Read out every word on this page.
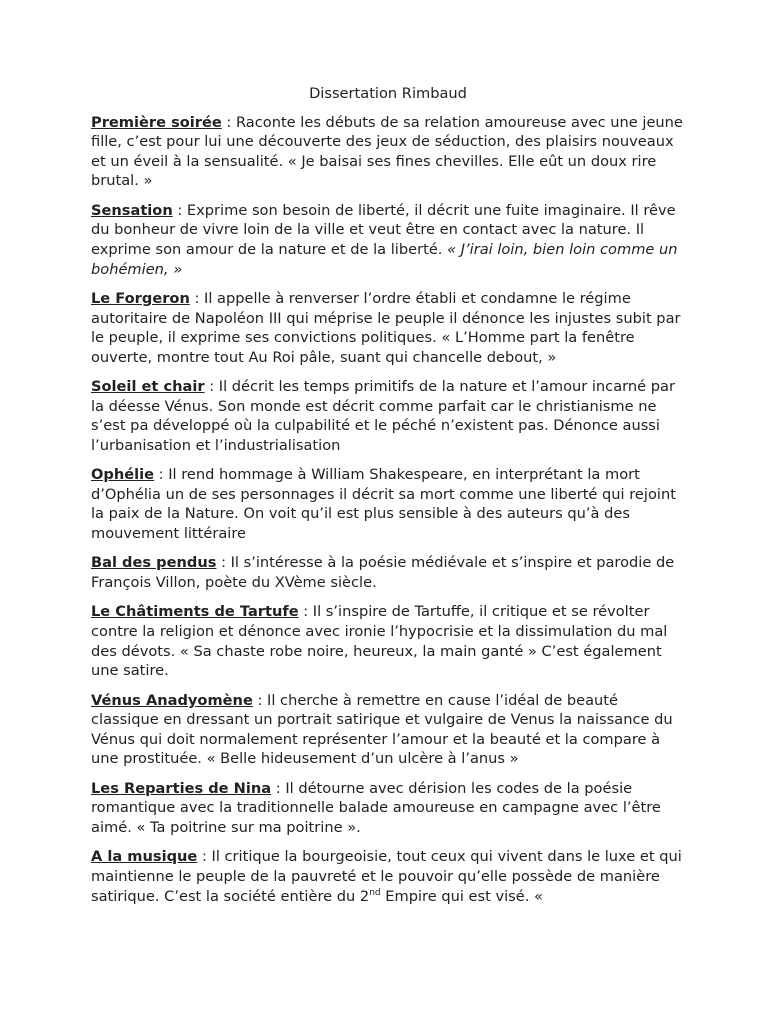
Dissertation Rimbaud

Première soirée : Raconte les débuts de sa relation amoureuse avec une jeune fille, c’est pour lui une découverte des jeux de séduction, des plaisirs nouveaux et un éveil à la sensualité. « Je baisai ses fines chevilles. Elle eût un doux rire brutal. »

Sensation : Exprime son besoin de liberté, il décrit une fuite imaginaire. Il rêve du bonheur de vivre loin de la ville et veut être en contact avec la nature. Il exprime son amour de la nature et de la liberté. « J’irai loin, bien loin comme un bohémien, »

Le Forgeron : Il appelle à renverser l’ordre établi et condamne le régime autoritaire de Napoléon III qui méprise le peuple il dénonce les injustes subit par le peuple, il exprime ses convictions politiques. « L’Homme part la fenêtre ouverte, montre tout Au Roi pâle, suant qui chancelle debout, »

Soleil et chair : Il décrit les temps primitifs de la nature et l’amour incarné par la déesse Vénus. Son monde est décrit comme parfait car le christianisme ne s’est pa développé où la culpabilité et le péché n’existent pas. Dénonce aussi l’urbanisation et l’industrialisation

Ophélie : Il rend hommage à William Shakespeare, en interprétant la mort d’Ophélia un de ses personnages il décrit sa mort comme une liberté qui rejoint la paix de la Nature. On voit qu’il est plus sensible à des auteurs qu’à des mouvement littéraire

Bal des pendus : Il s’intéresse à la poésie médiévale et s’inspire et parodie de François Villon, poète du XVème siècle.

Le Châtiments de Tartufe : Il s’inspire de Tartuffe, il critique et se révolter contre la religion et dénonce avec ironie l’hypocrisie et la dissimulation du mal des dévots. « Sa chaste robe noire, heureux, la main ganté » C’est également une satire.

Vénus Anadyomène : Il cherche à remettre en cause l’idéal de beauté classique en dressant un portrait satirique et vulgaire de Venus la naissance du Vénus qui doit normalement représenter l’amour et la beauté et la compare à une prostituée. « Belle hideusement d’un ulcère à l’anus »

Les Reparties de Nina : Il détourne avec dérision les codes de la poésie romantique avec la traditionnelle balade amoureuse en campagne avec l’être aimé. « Ta poitrine sur ma poitrine ».

A la musique : Il critique la bourgeoisie, tout ceux qui vivent dans le luxe et qui maintienne le peuple de la pauvreté et le pouvoir qu’elle possède de manière satirique. C’est la société entière du 2nd Empire qui est visé. «
